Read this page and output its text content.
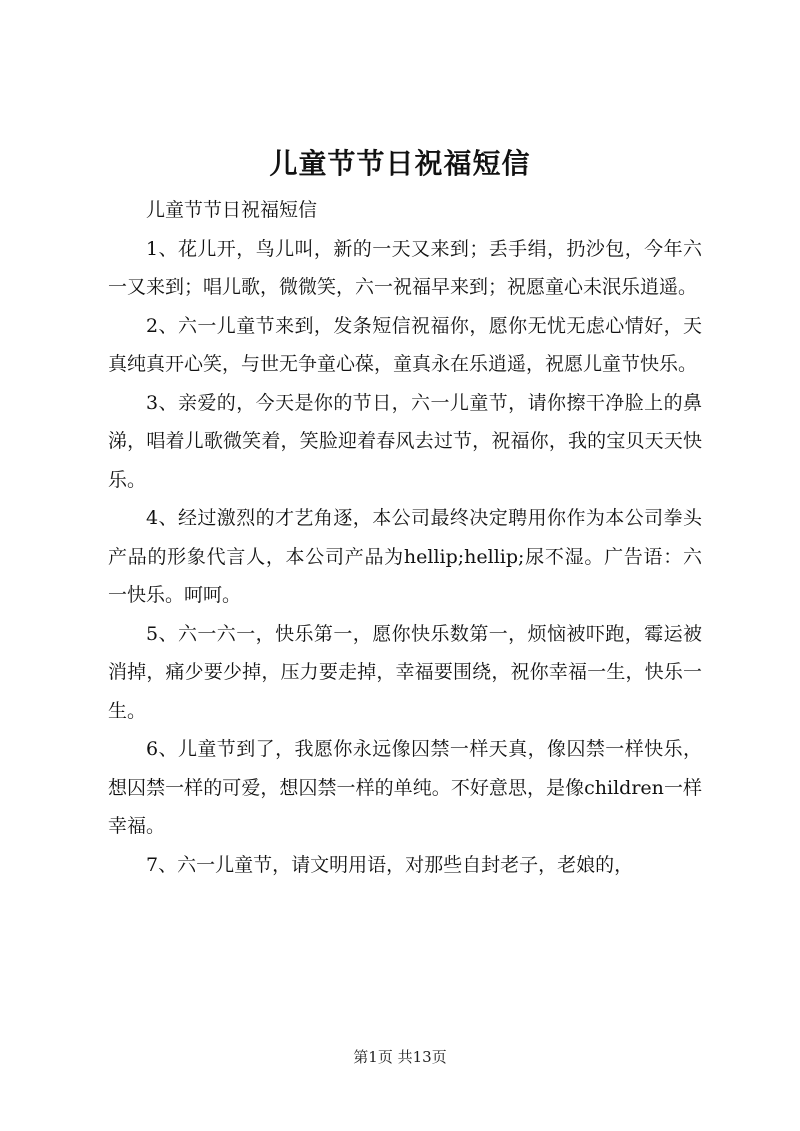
儿童节节日祝福短信

儿童节节日祝福短信

1、花儿开，鸟儿叫，新的一天又来到；丢手绢，扔沙包，今年六一又来到；唱儿歌，微微笑，六一祝福早来到；祝愿童心未泯乐逍遥。

2、六一儿童节来到，发条短信祝福你，愿你无忧无虑心情好，天真纯真开心笑，与世无争童心葆，童真永在乐逍遥，祝愿儿童节快乐。

3、亲爱的，今天是你的节日，六一儿童节，请你擦干净脸上的鼻涕，唱着儿歌微笑着，笑脸迎着春风去过节，祝福你，我的宝贝天天快乐。

4、经过激烈的才艺角逐，本公司最终决定聘用你作为本公司拳头产品的形象代言人，本公司产品为hellip;hellip;尿不湿。广告语：六一快乐。呵呵。

5、六一六一，快乐第一，愿你快乐数第一，烦恼被吓跑，霉运被消掉，痛少要少掉，压力要走掉，幸福要围绕，祝你幸福一生，快乐一生。

6、儿童节到了，我愿你永远像囚禁一样天真，像囚禁一样快乐，想囚禁一样的可爱，想囚禁一样的单纯。不好意思，是像children一样幸福。

7、六一儿童节，请文明用语，对那些自封老子，老娘的，

第1页 共13页
